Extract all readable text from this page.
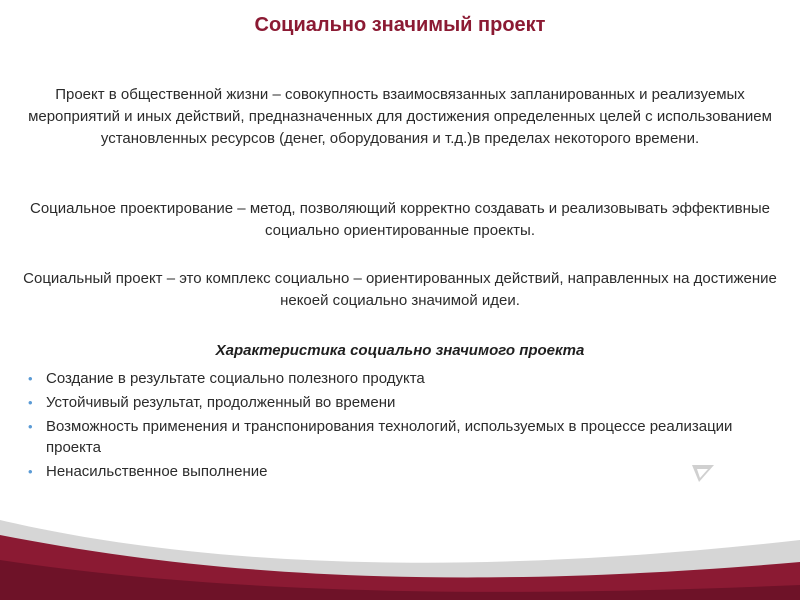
Социально значимый проект
Проект в общественной жизни – совокупность взаимосвязанных запланированных и реализуемых мероприятий и иных действий, предназначенных для достижения определенных целей с использованием установленных ресурсов (денег, оборудования и т.д.)в пределах некоторого времени.
Социальное проектирование – метод, позволяющий корректно создавать и реализовывать эффективные социально ориентированные проекты.
Социальный проект – это комплекс социально – ориентированных действий, направленных на достижение некоей социально значимой идеи.
Характеристика социально значимого проекта
• Создание в результате социально полезного продукта
• Устойчивый результат, продолженный во времени
• Возможность применения и транспонирования технологий, используемых в процессе реализации проекта
• Ненасильственное выполнение
